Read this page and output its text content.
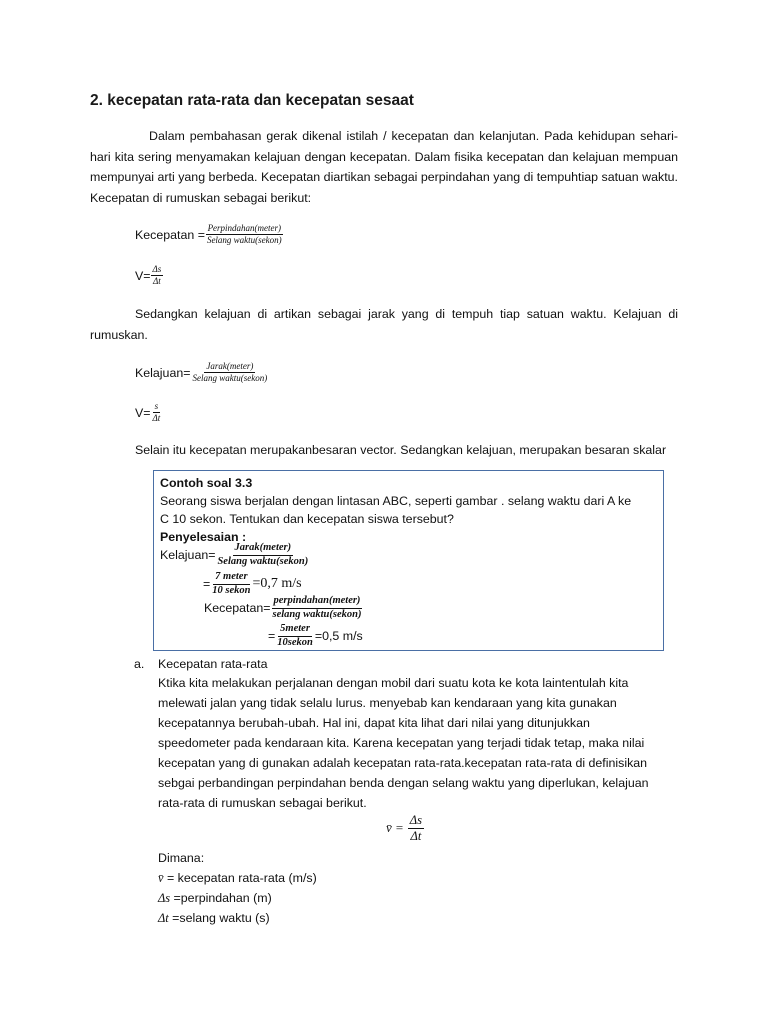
2. kecepatan rata-rata dan kecepatan sesaat
Dalam pembahasan gerak dikenal istilah / kecepatan dan kelanjutan. Pada kehidupan sehari-hari kita sering menyamakan kelajuan dengan kecepatan. Dalam fisika kecepatan dan kelajuan mempuan mempunyai arti yang berbeda. Kecepatan diartikan sebagai perpindahan yang di tempuhtiap satuan waktu. Kecepatan di rumuskan sebagai berikut:
Kecepatan = $\frac{\text{Perpindahan(meter)}}{\text{Selang waktu(sekon)}}$
$V= \frac{\Delta s}{\Delta t}$
Sedangkan kelajuan di artikan sebagai jarak yang di tempuh tiap satuan waktu. Kelajuan di rumuskan.
Kelajuan= $\frac{\text{Jarak(meter)}}{\text{Selang waktu(sekon)}}$
$V= \frac{s}{\Delta t}$
Selain itu kecepatan merupakanbesaran vector. Sedangkan kelajuan, merupakan besaran skalar
Contoh soal 3.3
Seorang siswa berjalan dengan lintasan ABC, seperti gambar . selang waktu dari A ke
C 10 sekon. Tentukan dan kecepatan siswa tersebut?
Penyelesaian :
Kelajuan= $\frac{\text{Jarak(meter)}}{\text{Selang waktu(sekon)}}$
= $\frac{\text{7 meter}}{\text{10 sekon}} =0,7$ m/s
Kecepatan= $\frac{\text{perpindahan(meter)}}{\text{selang waktu(sekon)}}$
= $\frac{\text{5meter}}{\text{10sekon}} =0,5$ m/s
a. Kecepatan rata-rata
Ktika kita melakukan perjalanan dengan mobil dari suatu kota ke kota laintentulah kita
melewati jalan yang tidak selalu lurus. menyebab kan kendaraan yang kita gunakan
kecepatannya berubah-ubah. Hal ini, dapat kita lihat dari nilai yang ditunjukkan
speedometer pada kendaraan kita. Karena kecepatan yang terjadi tidak tetap, maka nilai
kecepatan yang di gunakan adalah kecepatan rata-rata.kecepatan rata-rata di definisikan
sebgai perbandingan perpindahan benda dengan selang waktu yang diperlukan, kelajuan
rata-rata di rumuskan sebagai berikut.
v̄ = $\frac{\Delta s}{\Delta t}$
Dimana:
v̄ = kecepatan rata-rata (m/s)
Δs =perpindahan (m)
Δt =selang waktu (s)
